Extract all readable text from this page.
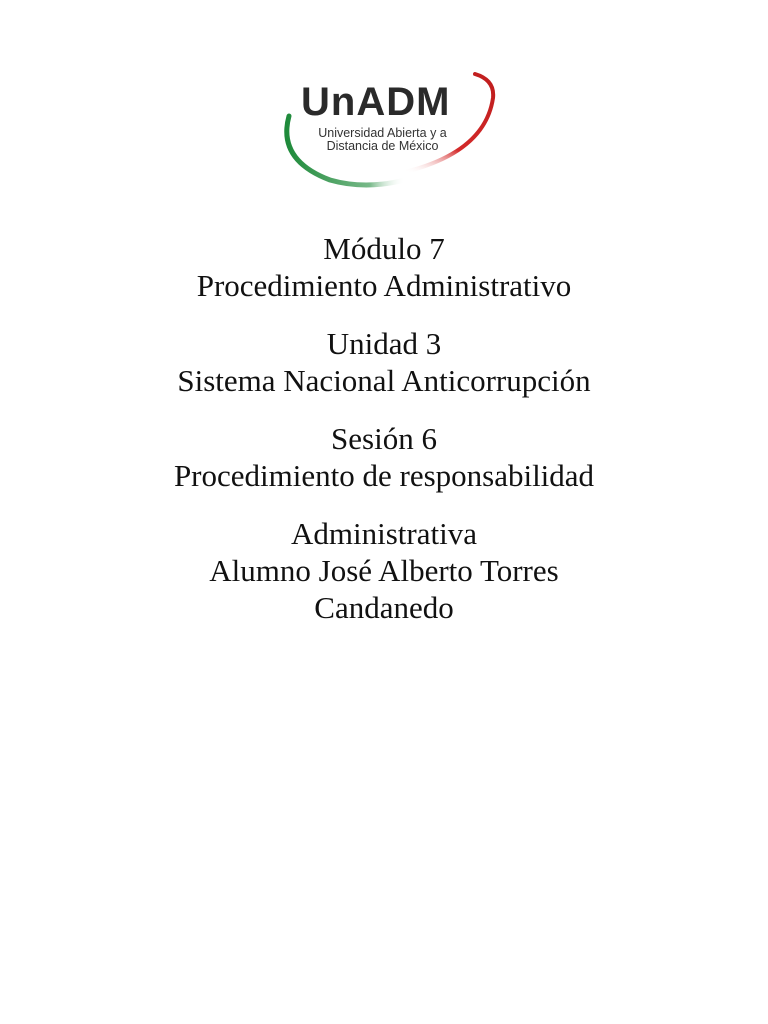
UnADM
Universidad Abierta y a
Distancia de México
Módulo 7
Procedimiento Administrativo
Unidad 3
Sistema Nacional Anticorrupción
Sesión 6
Procedimiento de responsabilidad
Administrativa
Alumno José Alberto Torres
Candanedo
